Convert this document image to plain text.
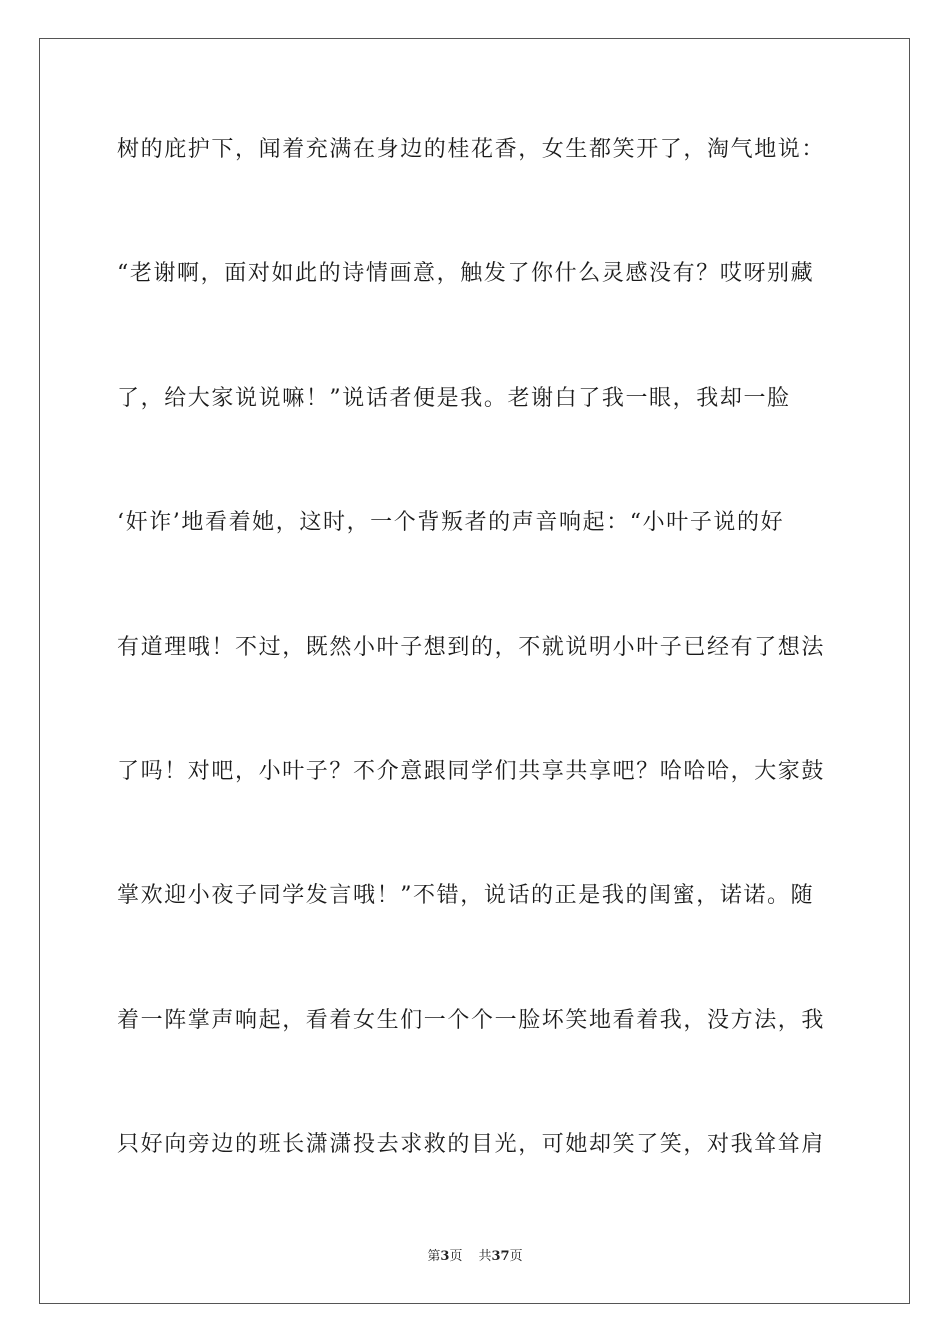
树的庇护下，闻着充满在身边的桂花香，女生都笑开了，淘气地说：
“老谢啊，面对如此的诗情画意，触发了你什么灵感没有？哎呀别藏
了，给大家说说嘛！”说话者便是我。老谢白了我一眼，我却一脸
‘奸诈’地看着她，这时，一个背叛者的声音响起：“小叶子说的好
有道理哦！不过，既然小叶子想到的，不就说明小叶子已经有了想法
了吗！对吧，小叶子？不介意跟同学们共享共享吧？哈哈哈，大家鼓
掌欢迎小夜子同学发言哦！”不错，说话的正是我的闺蜜，诺诺。随
着一阵掌声响起，看着女生们一个个一脸坏笑地看着我，没方法，我
只好向旁边的班长潇潇投去求救的目光，可她却笑了笑，对我耸耸肩
第3页 共37页
